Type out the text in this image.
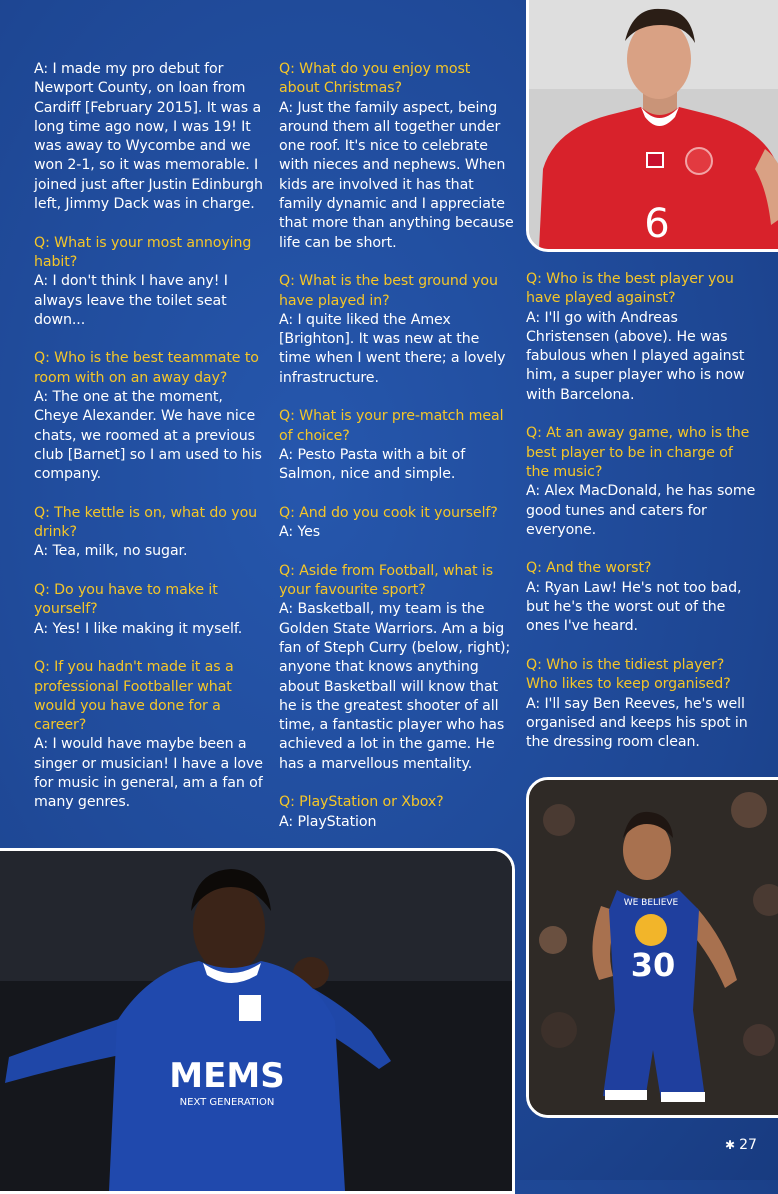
A: I made my pro debut for Newport County, on loan from Cardiff [February 2015]. It was a long time ago now, I was 19! It was away to Wycombe and we won 2-1, so it was memorable. I joined just after Justin Edinburgh left, Jimmy Dack was in charge.
Q: What is your most annoying habit?
A: I don't think I have any! I always leave the toilet seat down...
Q: Who is the best teammate to room with on an away day?
A: The one at the moment, Cheye Alexander. We have nice chats, we roomed at a previous club [Barnet] so I am used to his company.
Q: The kettle is on, what do you drink?
A: Tea, milk, no sugar.
Q: Do you have to make it yourself?
A: Yes! I like making it myself.
Q: If you hadn't made it as a professional Footballer what would you have done for a career?
A: I would have maybe been a singer or musician! I have a love for music in general, am a fan of many genres.
Q: What do you enjoy most about Christmas?
A: Just the family aspect, being around them all together under one roof. It's nice to celebrate with nieces and nephews. When kids are involved it has that family dynamic and I appreciate that more than anything because life can be short.
Q: What is the best ground you have played in?
A: I quite liked the Amex [Brighton]. It was new at the time when I went there; a lovely infrastructure.
Q: What is your pre-match meal of choice?
A: Pesto Pasta with a bit of Salmon, nice and simple.
Q: And do you cook it yourself?
A: Yes
Q: Aside from Football, what is your favourite sport?
A: Basketball, my team is the Golden State Warriors. Am a big fan of Steph Curry (below, right); anyone that knows anything about Basketball will know that he is the greatest shooter of all time, a fantastic player who has achieved a lot in the game. He has a marvellous mentality.
Q: PlayStation or Xbox?
A: PlayStation
Q: Who is the best player you have played against?
A: I'll go with Andreas Christensen (above). He was fabulous when I played against him, a super player who is now with Barcelona.
Q: At an away game, who is the best player to be in charge of the music?
A: Alex MacDonald, he has some good tunes and caters for everyone.
Q: And the worst?
A: Ryan Law! He's not too bad, but he's the worst out of the ones I've heard.
Q: Who is the tidiest player? Who likes to keep organised?
A: I'll say Ben Reeves, he's well organised and keeps his spot in the dressing room clean.
6
WE BELIEVE
30
MEMS
NEXT GENERATION
✱ 27
